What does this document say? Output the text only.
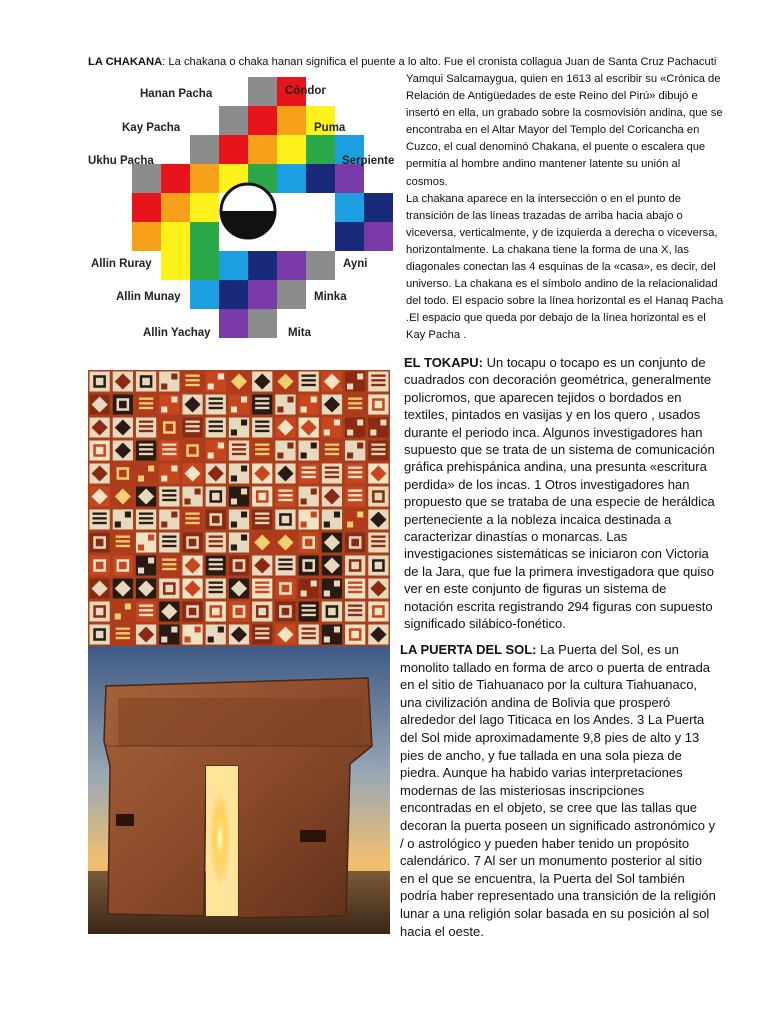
LA CHAKANA: La chakana o chaka hanan significa el puente a lo alto. Fue el cronista collagua Juan de Santa Cruz Pachacuti

Yamqui Salcamaygua, quien en 1613 al escribir su «Crónica de Relación de Antigüedades de este Reino del Pirú» dibujó e insertó en ella, un grabado sobre la cosmovisión andina, que se encontraba en el Altar Mayor del Templo del Coricancha en Cuzco, el cual denominó Chakana, el puente o escalera que permitía al hombre andino mantener latente su unión al cosmos.

La chakana aparece en la intersección o en el punto de transición de las líneas trazadas de arriba hacia abajo o viceversa, verticalmente, y de izquierda a derecha o viceversa, horizontalmente. La chakana tiene la forma de una X, las diagonales conectan las 4 esquinas de la «casa», es decir, del universo. La chakana es el símbolo andino de la relacionalidad del todo. El espacio sobre la línea horizontal es el Hanaq Pacha .El espacio que queda por debajo de la línea horizontal es el Kay Pacha .

Hanan Pacha
Kay Pacha
Ukhu Pacha
Cóndor
Puma
Serpiente
Allin Ruray
Allin Munay
Allin Yachay
Ayni
Minka
Mita
EL TOKAPU: Un tocapu o tocapo es un conjunto de cuadrados con decoración geométrica, generalmente policromos, que aparecen tejidos o bordados en textiles, pintados en vasijas y en los quero , usados durante el periodo inca. Algunos investigadores han supuesto que se trata de un sistema de comunicación gráfica prehispánica andina, una presunta «escritura perdida» de los incas. 1 Otros investigadores han propuesto que se trataba de una especie de heráldica perteneciente a la nobleza incaica destinada a caracterizar dinastías o monarcas. Las investigaciones sistemáticas se iniciaron con Victoria de la Jara, que fue la primera investigadora que quiso ver en este conjunto de figuras un sistema de notación escrita registrando 294 figuras con supuesto significado silábico-fonético.
LA PUERTA DEL SOL: La Puerta del Sol, es un monolito tallado en forma de arco o puerta de entrada en el sitio de Tiahuanaco por la cultura Tiahuanaco, una civilización andina de Bolivia que prosperó alrededor del lago Titicaca en los Andes. 3 La Puerta del Sol mide aproximadamente 9,8 pies de alto y 13 pies de ancho, y fue tallada en una sola pieza de piedra. Aunque ha habido varias interpretaciones modernas de las misteriosas inscripciones encontradas en el objeto, se cree que las tallas que decoran la puerta poseen un significado astronómico y / o astrológico y pueden haber tenido un propósito calendárico. 7 Al ser un monumento posterior al sitio en el que se encuentra, la Puerta del Sol también podría haber representado una transición de la religión lunar a una religión solar basada en su posición al sol hacia el oeste.
